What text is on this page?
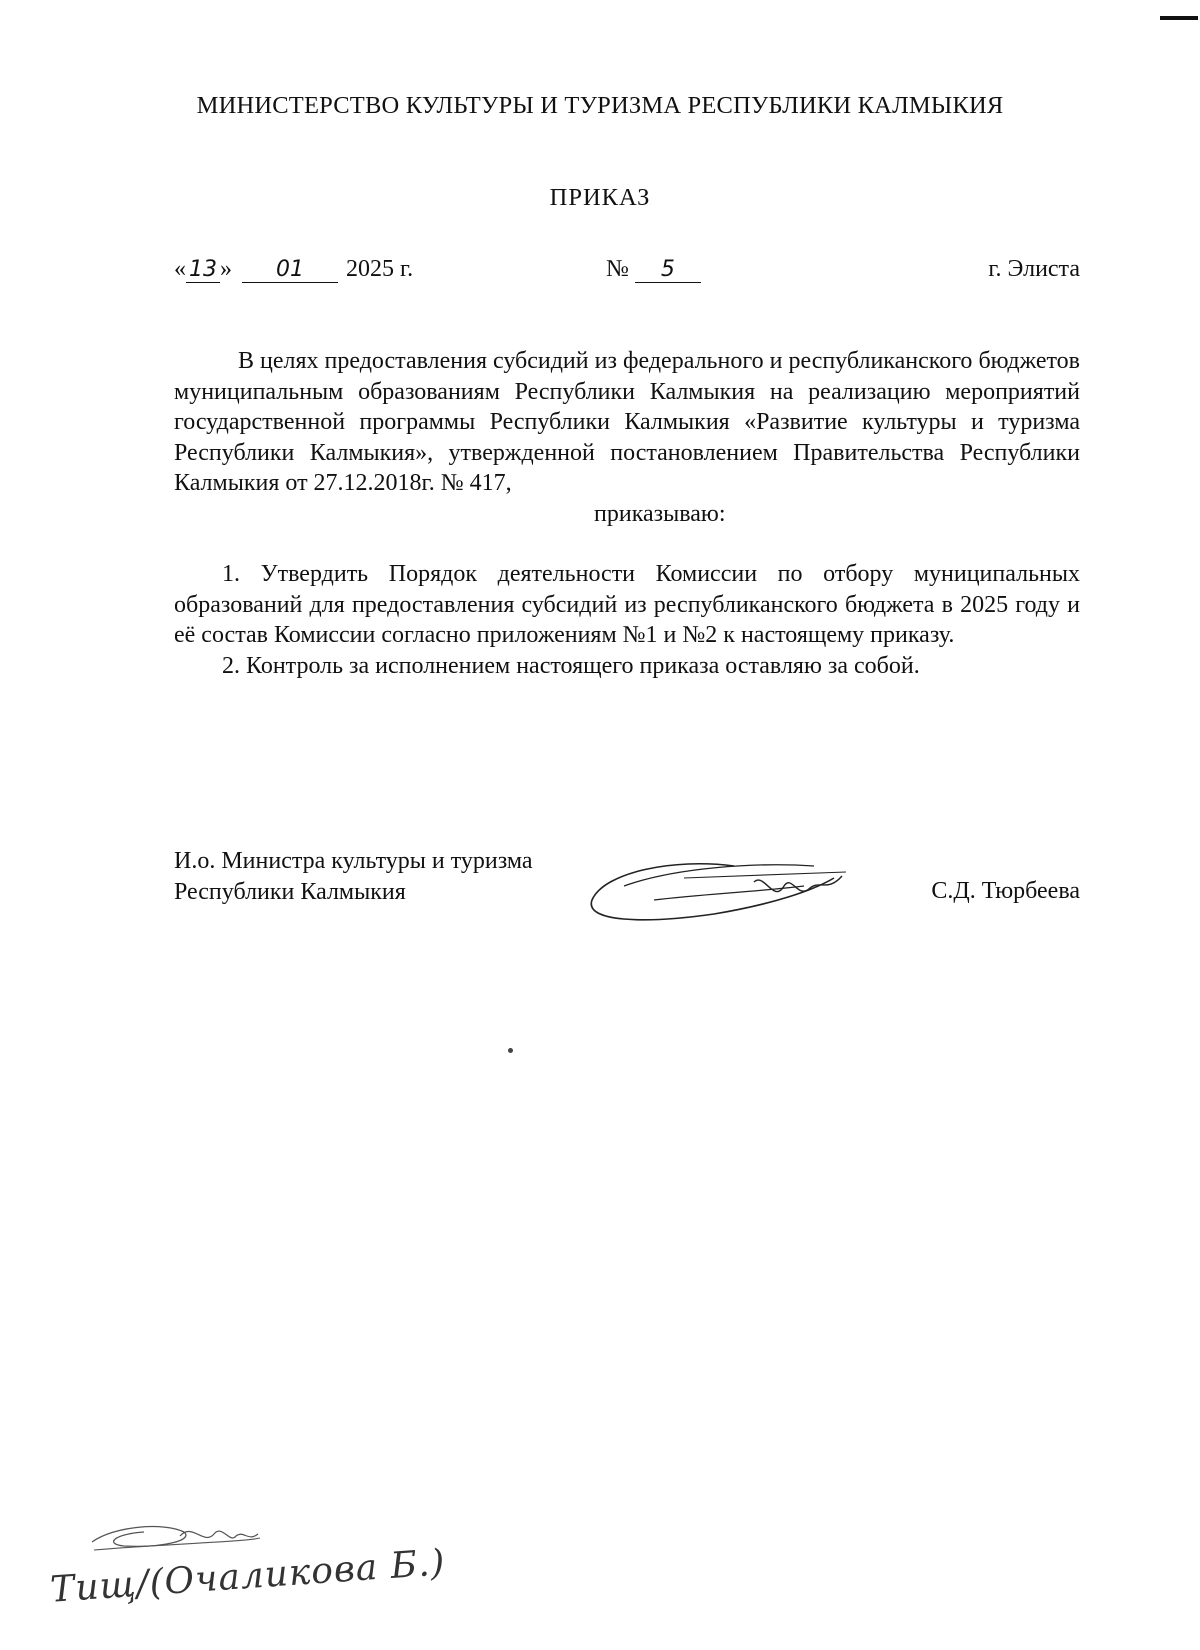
МИНИСТЕРСТВО КУЛЬТУРЫ И ТУРИЗМА РЕСПУБЛИКИ КАЛМЫКИЯ
ПРИКАЗ
« 13 » 01 2025 г.	№ 5	г. Элиста

В целях предоставления субсидий из федерального и республиканского бюджетов муниципальным образованиям Республики Калмыкия на реализацию мероприятий государственной программы Республики Калмыкия «Развитие культуры и туризма Республики Калмыкия», утвержденной постановлением Правительства Республики Калмыкия от 27.12.2018г. № 417,

приказываю:

1. Утвердить Порядок деятельности Комиссии по отбору муниципальных образований для предоставления субсидий из республиканского бюджета в 2025 году и её состав Комиссии согласно приложениям №1 и №2 к настоящему приказу.

2. Контроль за исполнением настоящего приказа оставляю за собой.

И.о. Министра культуры и туризма
Республики Калмыкия	С.Д. Тюрбеева
Тищ/(Очаликова Б.)
